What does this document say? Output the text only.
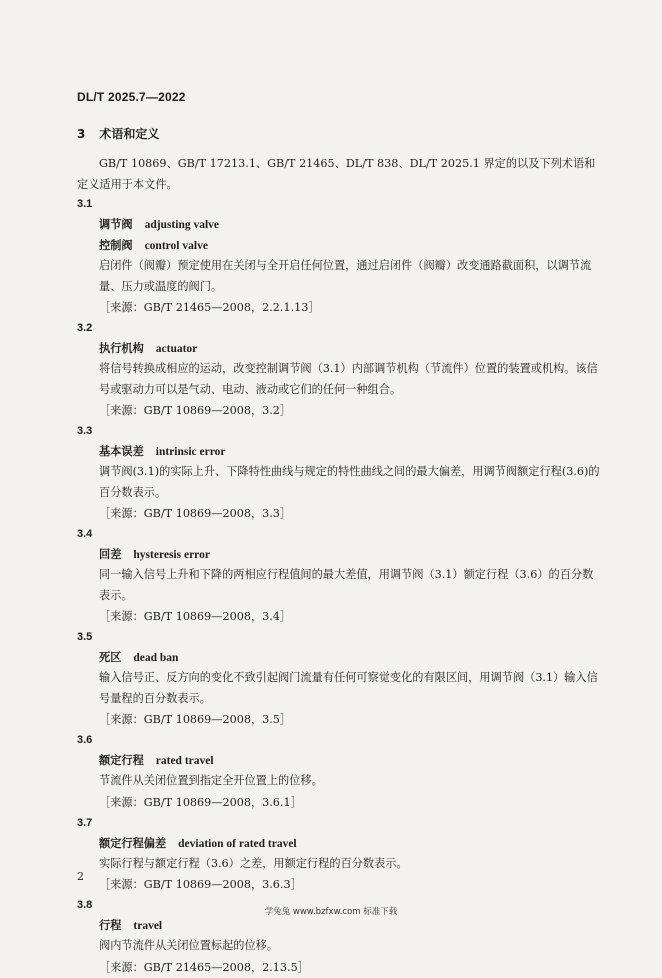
DL/T 2025.7—2022
3 术语和定义
GB/T 10869、GB/T 17213.1、GB/T 21465、DL/T 838、DL/T 2025.1 界定的以及下列术语和定义适用于本文件。
3.1
调节阀 adjusting valve
控制阀 control valve
启闭件（阀瓣）预定使用在关闭与全开启任何位置，通过启闭件（阀瓣）改变通路截面积，以调节流量、压力或温度的阀门。
［来源：GB/T 21465—2008，2.2.1.13］
3.2
执行机构 actuator
将信号转换成相应的运动，改变控制调节阀（3.1）内部调节机构（节流件）位置的装置或机构。该信号或驱动力可以是气动、电动、液动或它们的任何一种组合。
［来源：GB/T 10869—2008，3.2］
3.3
基本误差 intrinsic error
调节阀(3.1)的实际上升、下降特性曲线与规定的特性曲线之间的最大偏差，用调节阀额定行程(3.6)的百分数表示。
［来源：GB/T 10869—2008，3.3］
3.4
回差 hysteresis error
同一输入信号上升和下降的两相应行程值间的最大差值，用调节阀（3.1）额定行程（3.6）的百分数表示。
［来源：GB/T 10869—2008，3.4］
3.5
死区 dead ban
输入信号正、反方向的变化不致引起阀门流量有任何可察觉变化的有限区间，用调节阀（3.1）输入信号量程的百分数表示。
［来源：GB/T 10869—2008，3.5］
3.6
额定行程 rated travel
节流件从关闭位置到指定全开位置上的位移。
［来源：GB/T 10869—2008，3.6.1］
3.7
额定行程偏差 deviation of rated travel
实际行程与额定行程（3.6）之差，用额定行程的百分数表示。
［来源：GB/T 10869—2008，3.6.3］
3.8
行程 travel
阀内节流件从关闭位置标起的位移。
［来源：GB/T 21465—2008，2.13.5］
2
学兔兔 www.bzfxw.com 标准下载
